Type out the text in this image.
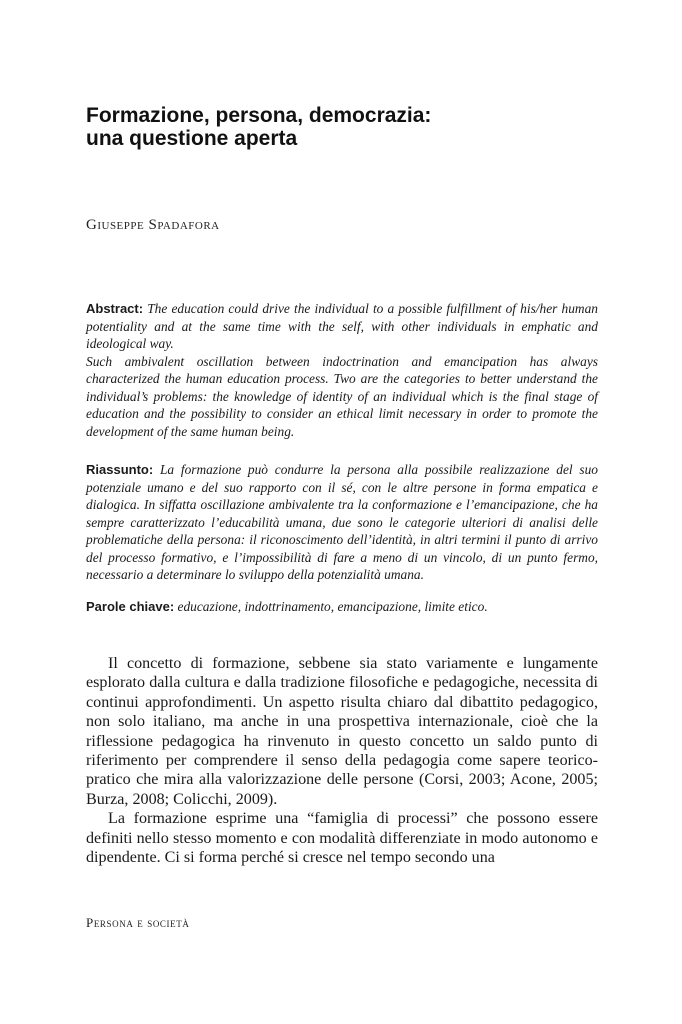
Formazione, persona, democrazia:
una questione aperta
Giuseppe Spadafora

Abstract: The education could drive the individual to a possible fulfillment of his/her human potentiality and at the same time with the self, with other individuals in emphatic and ideological way.

Such ambivalent oscillation between indoctrination and emancipation has always characterized the human education process. Two are the categories to better understand the individual’s problems: the knowledge of identity of an individual which is the final stage of education and the possibility to consider an ethical limit necessary in order to promote the development of the same human being.

Riassunto: La formazione può condurre la persona alla possibile realizzazione del suo potenziale umano e del suo rapporto con il sé, con le altre persone in forma empatica e dialogica. In siffatta oscillazione ambivalente tra la conformazione e l’emancipazione, che ha sempre caratterizzato l’educabilità umana, due sono le categorie ulteriori di analisi delle problematiche della persona: il riconoscimento dell’identità, in altri termini il punto di arrivo del processo formativo, e l’impossibilità di fare a meno di un vincolo, di un punto fermo, necessario a determinare lo sviluppo della potenzialità umana.

Parole chiave: educazione, indottrinamento, emancipazione, limite etico.

Il concetto di formazione, sebbene sia stato variamente e lungamente esplorato dalla cultura e dalla tradizione filosofiche e pedagogiche, necessita di continui approfondimenti. Un aspetto risulta chiaro dal dibattito pedagogico, non solo italiano, ma anche in una prospettiva internazionale, cioè che la riflessione pedagogica ha rinvenuto in questo concetto un saldo punto di riferimento per comprendere il senso della pedagogia come sapere teorico-pratico che mira alla valorizzazione delle persone (Corsi, 2003; Acone, 2005; Burza, 2008; Colicchi, 2009).

La formazione esprime una “famiglia di processi” che possono essere definiti nello stesso momento e con modalità differenziate in modo autonomo e dipendente. Ci si forma perché si cresce nel tempo secondo una

Persona e società
